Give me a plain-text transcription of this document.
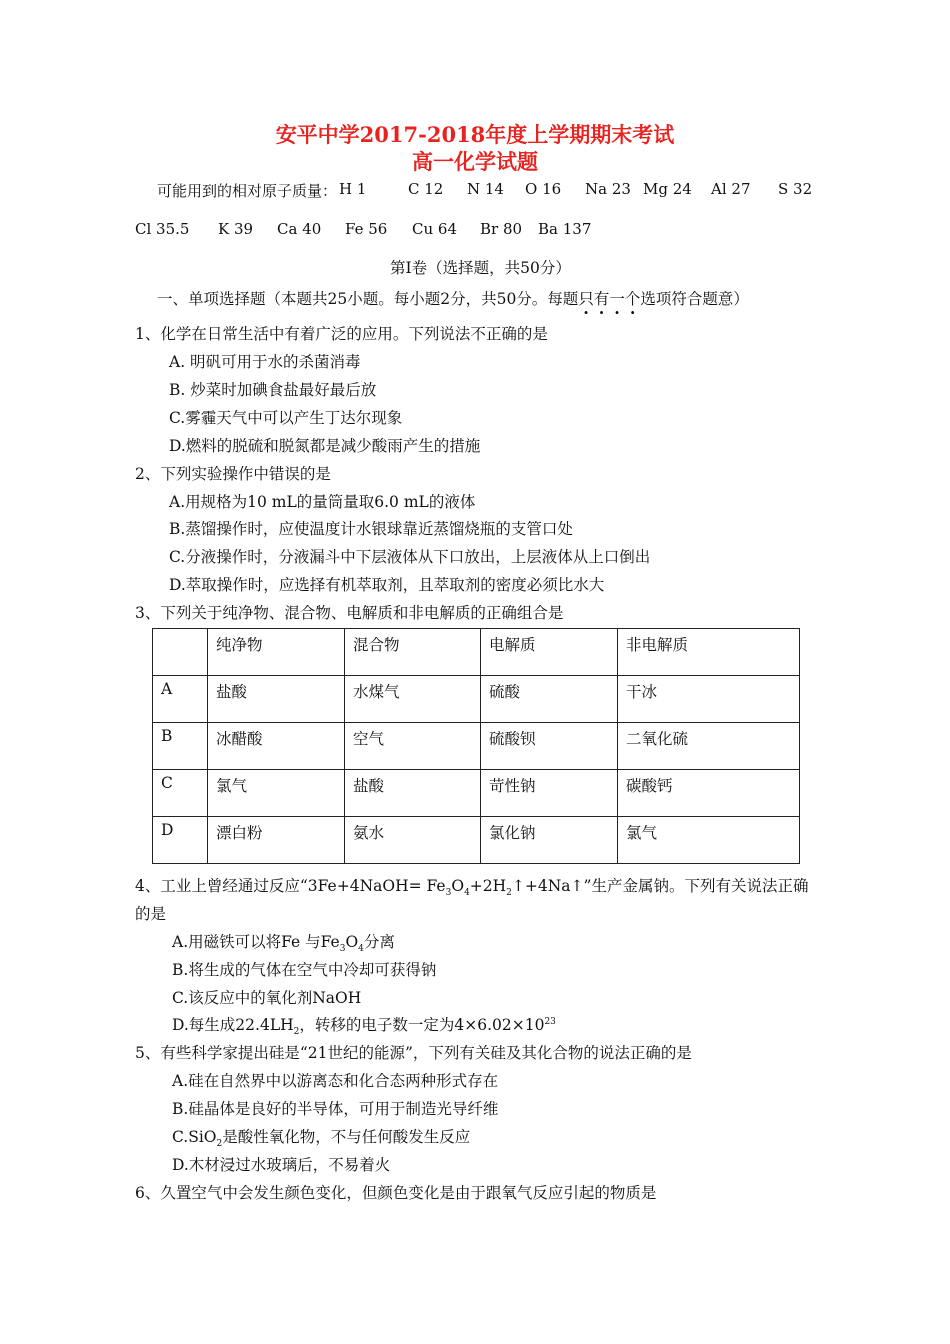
安平中学2017-2018年度上学期期末考试
高一化学试题
可能用到的相对原子质量： H 1	C 12 N 14 O 16 Na 23 Mg 24 Al 27 S 32
Cl 35.5 K 39 Ca 40 Fe 56 Cu 64 Br 80 Ba 137
第Ⅰ卷（选择题，共50分）
一、单项选择题（本题共25小题。每小题2分，共50分。每题只有一个选项符合题意）
1、化学在日常生活中有着广泛的应用。下列说法不正确的是
A. 明矾可用于水的杀菌消毒
B. 炒菜时加碘食盐最好最后放
C.雾霾天气中可以产生丁达尔现象
D.燃料的脱硫和脱氮都是减少酸雨产生的措施
2、下列实验操作中错误的是
A.用规格为10 mL的量筒量取6.0 mL的液体
B.蒸馏操作时，应使温度计水银球靠近蒸馏烧瓶的支管口处
C.分液操作时，分液漏斗中下层液体从下口放出，上层液体从上口倒出
D.萃取操作时，应选择有机萃取剂，且萃取剂的密度必须比水大
3、下列关于纯净物、混合物、电解质和非电解质的正确组合是
	纯净物	混合物	电解质	非电解质
A	盐酸	水煤气	硫酸	干冰
B	冰醋酸	空气	硫酸钡	二氧化硫
C	氯气	盐酸	苛性钠	碳酸钙
D	漂白粉	氨水	氯化钠	氯气
4、工业上曾经通过反应“3Fe+4NaOH= $Fe_3O_4+2H_2↑+4Na↑$”生产金属钠。下列有关说法正确
的是
A.用磁铁可以将Fe 与$Fe_3O_4$分离
B.将生成的气体在空气中冷却可获得钠
C.该反应中的氧化剂NaOH
D.每生成$22.4LH_2$，转移的电子数一定为$4\times 6.02\times 10^{23}$
5、有些科学家提出硅是“21世纪的能源”，下列有关硅及其化合物的说法正确的是
A.硅在自然界中以游离态和化合态两种形式存在
B.硅晶体是良好的半导体，可用于制造光导纤维
C.SiO$_2$是酸性氧化物，不与任何酸发生反应
D.木材浸过水玻璃后，不易着火
6、久置空气中会发生颜色变化，但颜色变化是由于跟氧气反应引起的物质是
